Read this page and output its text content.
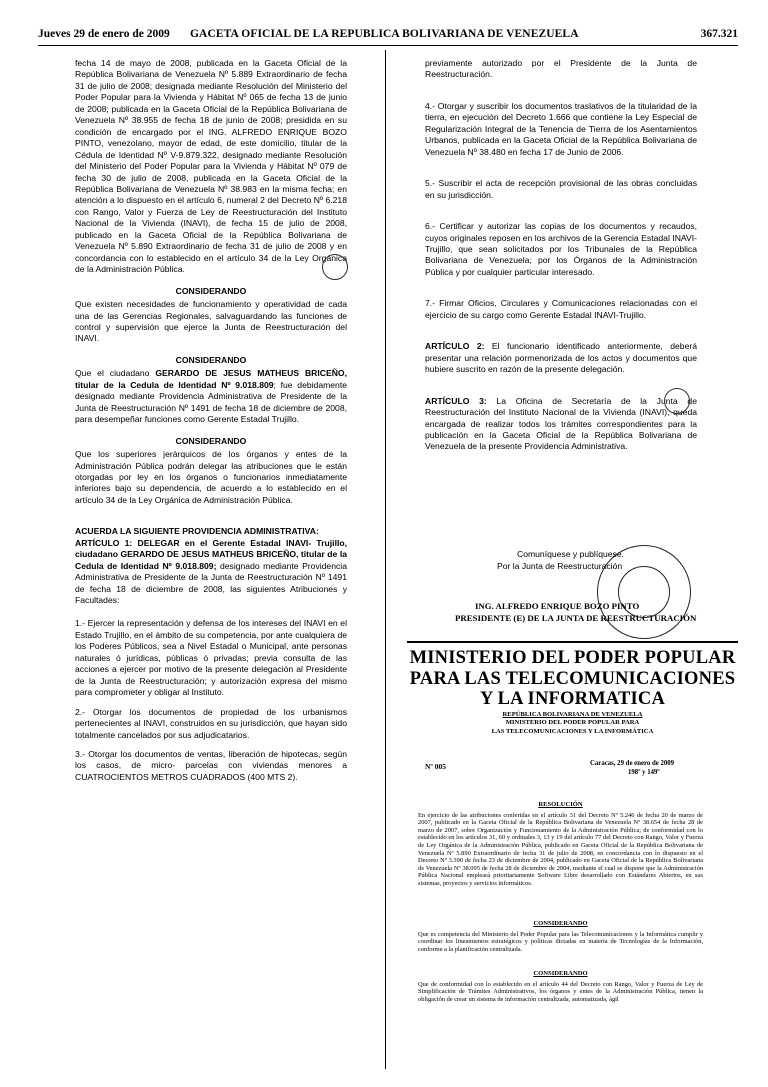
Jueves 29 de enero de 2009 GACETA OFICIAL DE LA REPUBLICA BOLIVARIANA DE VENEZUELA	367.321

fecha 14 de mayo de 2008, publicada en la Gaceta Oficial de la República Bolivariana de Venezuela Nº 5.889 Extraordinario de fecha 31 de julio de 2008; designada mediante Resolución del Ministerio del Poder Popular para la Vivienda y Hábitat Nº 065 de fecha 13 de junio de 2008; publicada en la Gaceta Oficial de la República Bolivariana de Venezuela Nº 38.955 de fecha 18 de junio de 2008; presidida en su condición de encargado por el ING. ALFREDO ENRIQUE BOZO PINTO, venezolano, mayor de edad, de este domicilio, titular de la Cédula de Identidad Nº V-9.879.322, designado mediante Resolución del Ministerio del Poder Popular para la Vivienda y Hábitat Nº 079 de fecha 30 de julio de 2008, publicada en la Gaceta Oficial de la República Bolivariana de Venezuela Nº 38.983 en la misma fecha; en atención a lo dispuesto en el artículo 6, numeral 2 del Decreto Nº 6.218 con Rango, Valor y Fuerza de Ley de Reestructuración del Instituto Nacional de la Vivienda (INAVI), de fecha 15 de julio de 2008, publicado en la Gaceta Oficial de la República Bolivariana de Venezuela Nº 5.890 Extraordinario de fecha 31 de julio de 2008 y en concordancia con lo establecido en el artículo 34 de la Ley Orgánica de la Administración Pública.

CONSIDERANDO

Que existen necesidades de funcionamiento y operatividad de cada una de las Gerencias Regionales, salvaguardando las funciones de control y supervisión que ejerce la Junta de Reestructuración del INAVI.

CONSIDERANDO

Que el ciudadano GERARDO DE JESUS MATHEUS BRICEÑO, titular de la Cedula de Identidad Nº 9.018.809; fue debidamente designado mediante Providencia Administrativa de Presidente de la Junta de Reestructuración Nº 1491 de fecha 18 de diciembre de 2008, para desempeñar funciones como Gerente Estadal Trujillo.

CONSIDERANDO

Que los superiores jerárquicos de los órganos y entes de la Administración Pública podrán delegar las atribuciones que le están otorgadas por ley en los órganos o funcionarios inmediatamente inferiores bajo su dependencia, de acuerdo a lo establecido en el artículo 34 de la Ley Orgánica de Administración Pública.

ACUERDA LA SIGUIENTE PROVIDENCIA ADMINISTRATIVA:

ARTÍCULO 1: DELEGAR en el Gerente Estadal INAVI- Trujillo, ciudadano GERARDO DE JESUS MATHEUS BRICEÑO, titular de la Cedula de Identidad Nº 9.018.809; designado mediante Providencia Administrativa de Presidente de la Junta de Reestructuración Nº 1491 de fecha 18 de diciembre de 2008, las siguientes Atribuciones y Facultades:

1.- Ejercer la representación y defensa de los intereses del INAVI en el Estado Trujillo, en el ámbito de su competencia, por ante cualquiera de los Poderes Públicos, sea a Nivel Estadal o Municipal, ante personas naturales ó jurídicas, públicas ó privadas; previa consulta de las acciones a ejercer por motivo de la presente delegación al Presidente de la Junta de Reestructuración; y autorización expresa del mismo para comprometer y obligar al Instituto.

2.- Otorgar los documentos de propiedad de los urbanismos pertenecientes al INAVI, construidos en su jurisdicción, que hayan sido totalmente cancelados por sus adjudicatarios.

3.- Otorgar los documentos de ventas, liberación de hipotecas, según los casos, de micro- parcelas con viviendas menores a CUATROCIENTOS METROS CUADRADOS (400 MTS 2).

previamente autorizado por el Presidente de la Junta de Reestructuración.

4.- Otorgar y suscribir los documentos traslativos de la titularidad de la tierra, en ejecución del Decreto 1.666 que contiene la Ley Especial de Regularización Integral de la Tenencia de Tierra de los Asentamientos Urbanos, publicada en la Gaceta Oficial de la República Bolivariana de Venezuela Nº 38.480 en fecha 17 de Junio de 2006.

5.- Suscribir el acta de recepción provisional de las obras concluidas en su jurisdicción.

6.- Certificar y autorizar las copias de los documentos y recaudos, cuyos originales reposen en los archivos de la Gerencia Estadal INAVI- Trujillo, que sean solicitados por los Tribunales de la República Bolivariana de Venezuela; por los Órganos de la Administración Pública y por cualquier particular interesado.

7.- Firmar Oficios, Circulares y Comunicaciones relacionadas con el ejercicio de su cargo como Gerente Estadal INAVI-Trujillo.

ARTÍCULO 2: El funcionario identificado anteriormente, deberá presentar una relación pormenorizada de los actos y documentos que hubiere suscrito en razón de la presente delegación.

ARTÍCULO 3: La Oficina de Secretaría de la Junta de Reestructuración del Instituto Nacional de la Vivienda (INAVI), queda encargada de realizar todos los trámites correspondientes para la publicación en la Gaceta Oficial de la República Bolivariana de Venezuela de la presente Providencia Administrativa.

Comuníquese y publíquese.
Por la Junta de Reestructuración
ING. ALFREDO ENRIQUE BOZO PINTO
PRESIDENTE (E) DE LA JUNTA DE REESTRUCTURACIÓN
MINISTERIO DEL PODER POPULAR
PARA LAS TELECOMUNICACIONES
Y LA INFORMATICA
REPÚBLICA BOLIVARIANA DE VENEZUELA
MINISTERIO DEL PODER POPULAR PARA
LAS TELECOMUNICACIONES Y LA INFORMÁTICA
Nº 005	Caracas, 29 de enero de 2009
198º y 149º
RESOLUCIÓN
En ejercicio de las atribuciones conferidas en el artículo 31 del Decreto Nº 5.246 de fecha 20 de marzo de 2007, publicado en la Gaceta Oficial de la República Bolivariana de Venezuela Nº 38.654 de fecha 28 de marzo de 2007, sobre Organización y Funcionamiento de la Administración Pública; de conformidad con lo establecido en los artículos 31, 60 y ordinales 3, 13 y 19 del artículo 77 del Decreto con Rango, Valor y Fuerza de Ley Orgánica de la Administración Pública, publicado en Gaceta Oficial de la República Bolivariana de Venezuela Nº 5.890 Extraordinario de fecha 31 de julio de 2008, en concordancia con lo dispuesto en el Decreto Nº 3.390 de fecha 23 de diciembre de 2004, publicado en Gaceta Oficial de la República Bolivariana de Venezuela Nº 38.095 de fecha 28 de diciembre de 2004, mediante el cual se dispone que la Administración Pública Nacional empleará prioritariamente Software Libre desarrollado con Estándares Abiertos, en sus sistemas, proyectos y servicios informáticos.
CONSIDERANDO
Que es competencia del Ministerio del Poder Popular para las Telecomunicaciones y la Informática cumplir y coordinar los lineamientos estratégicos y políticas dictadas en materia de Tecnologías de la Información, conforme a la planificación centralizada.
CONSIDERANDO
Que de conformidad con lo establecido en el artículo 44 del Decreto con Rango, Valor y Fuerza de Ley de Simplificación de Trámites Administrativos, los órganos y entes de la Administración Pública, tienen la obligación de crear un sistema de información centralizada, automatizada, ágil
